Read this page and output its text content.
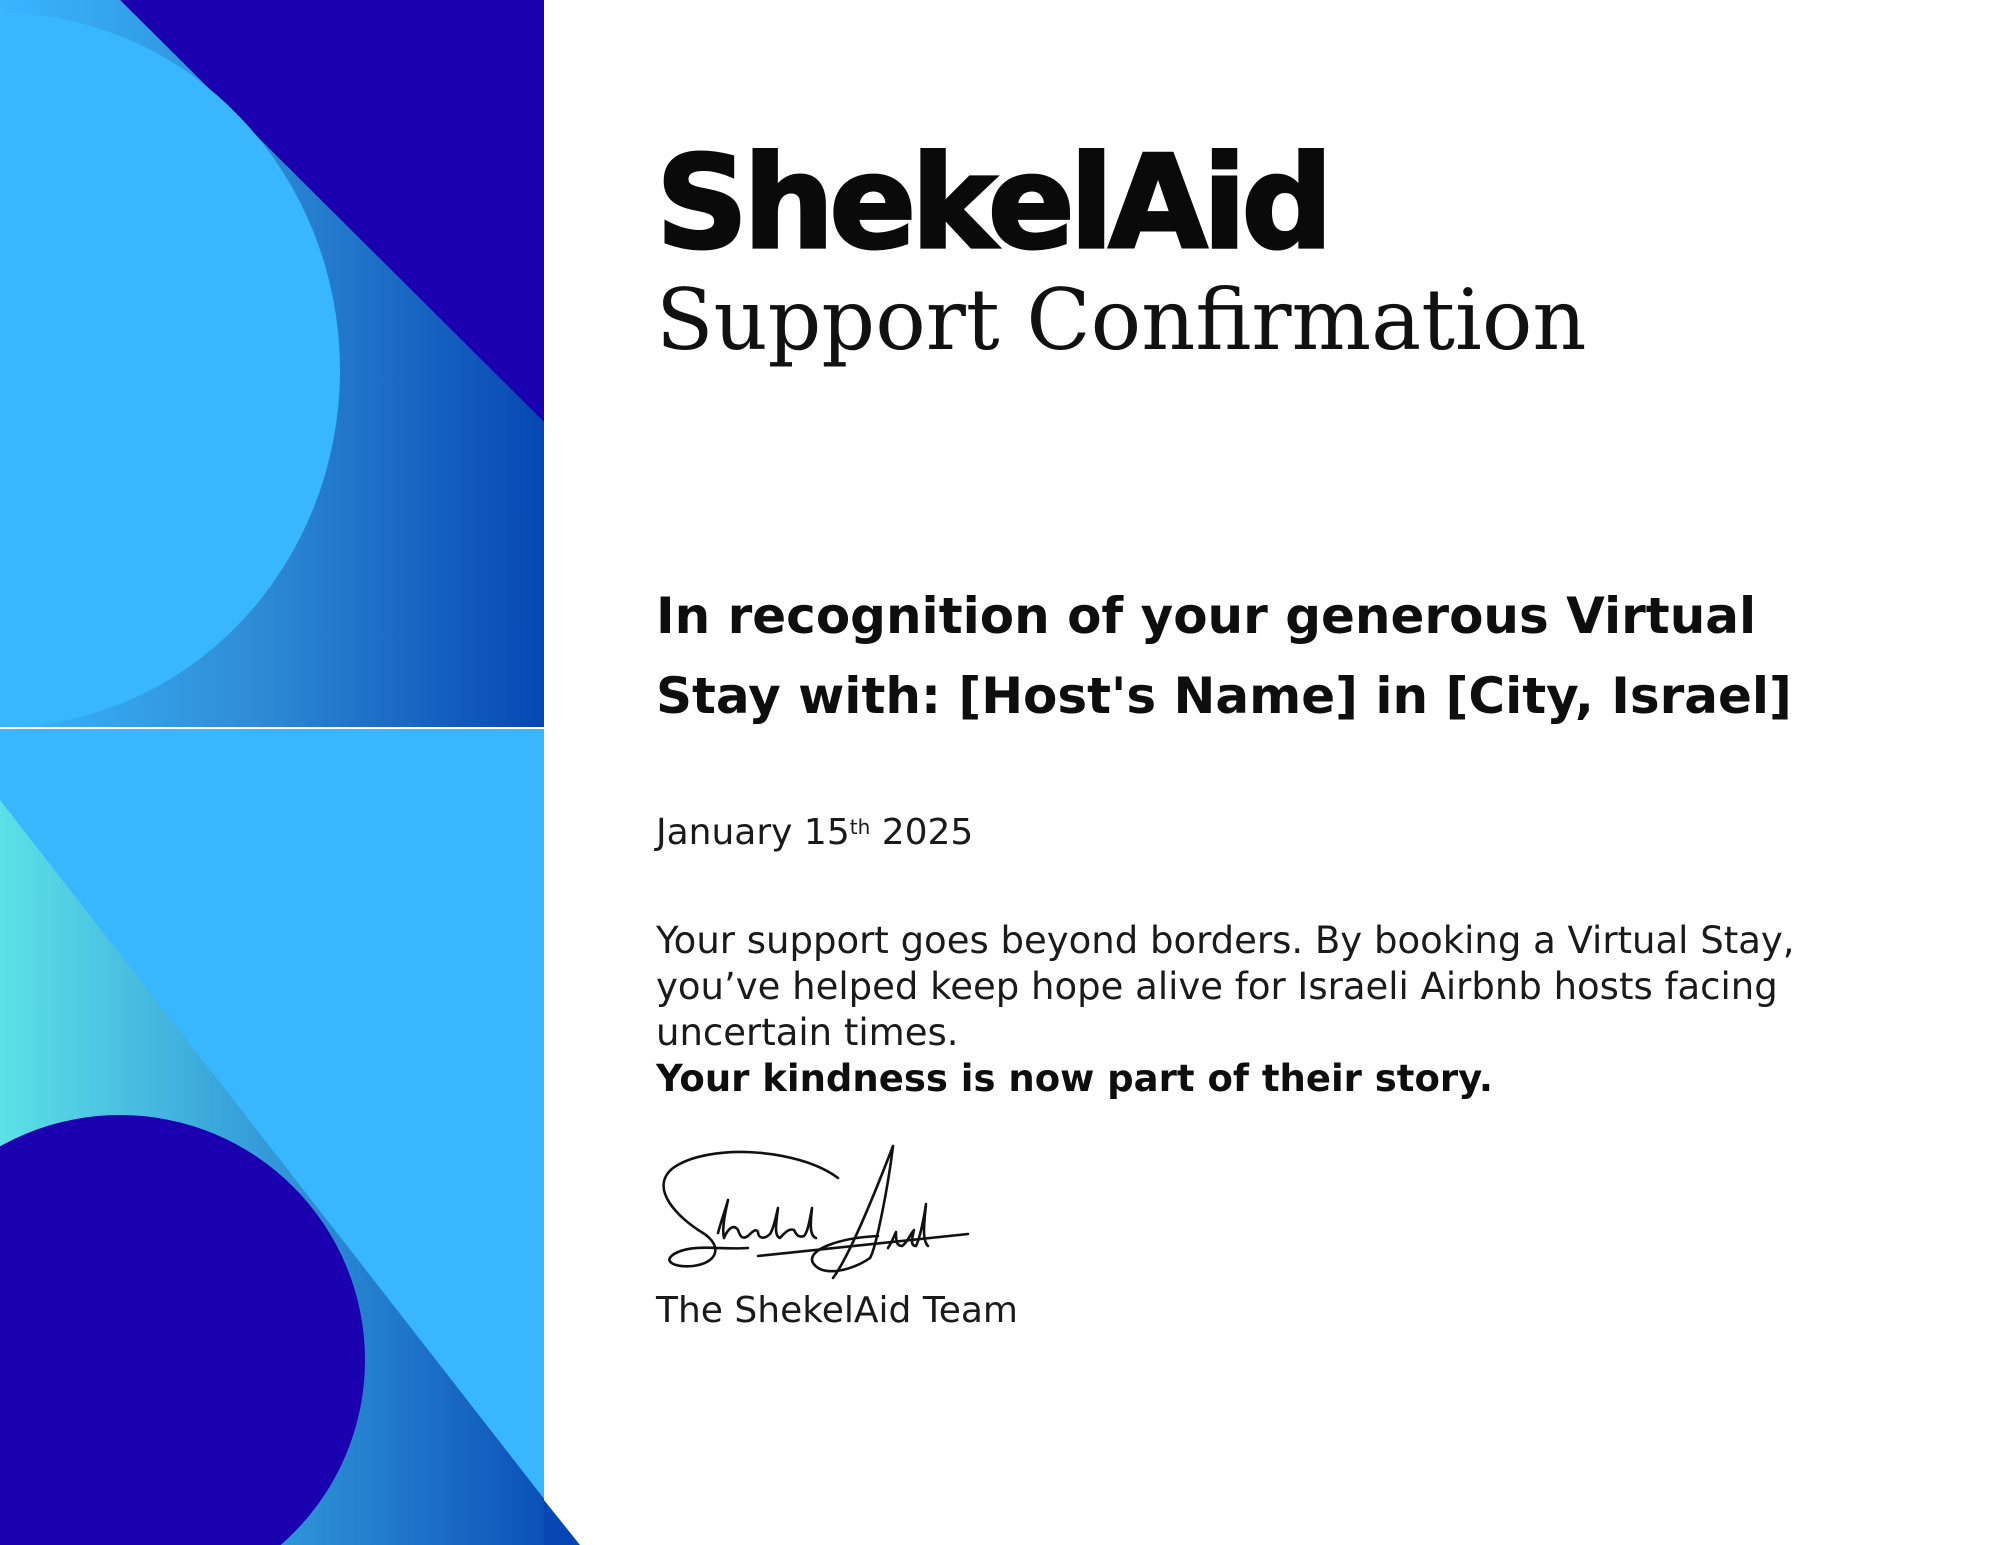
ShekelAid
Support Confirmation
In recognition of your generous Virtual Stay with: [Host's Name] in [City, Israel]
January 15th 2025
Your support goes beyond borders. By booking a Virtual Stay, you’ve helped keep hope alive for Israeli Airbnb hosts facing uncertain times.
Your kindness is now part of their story.
The ShekelAid Team
